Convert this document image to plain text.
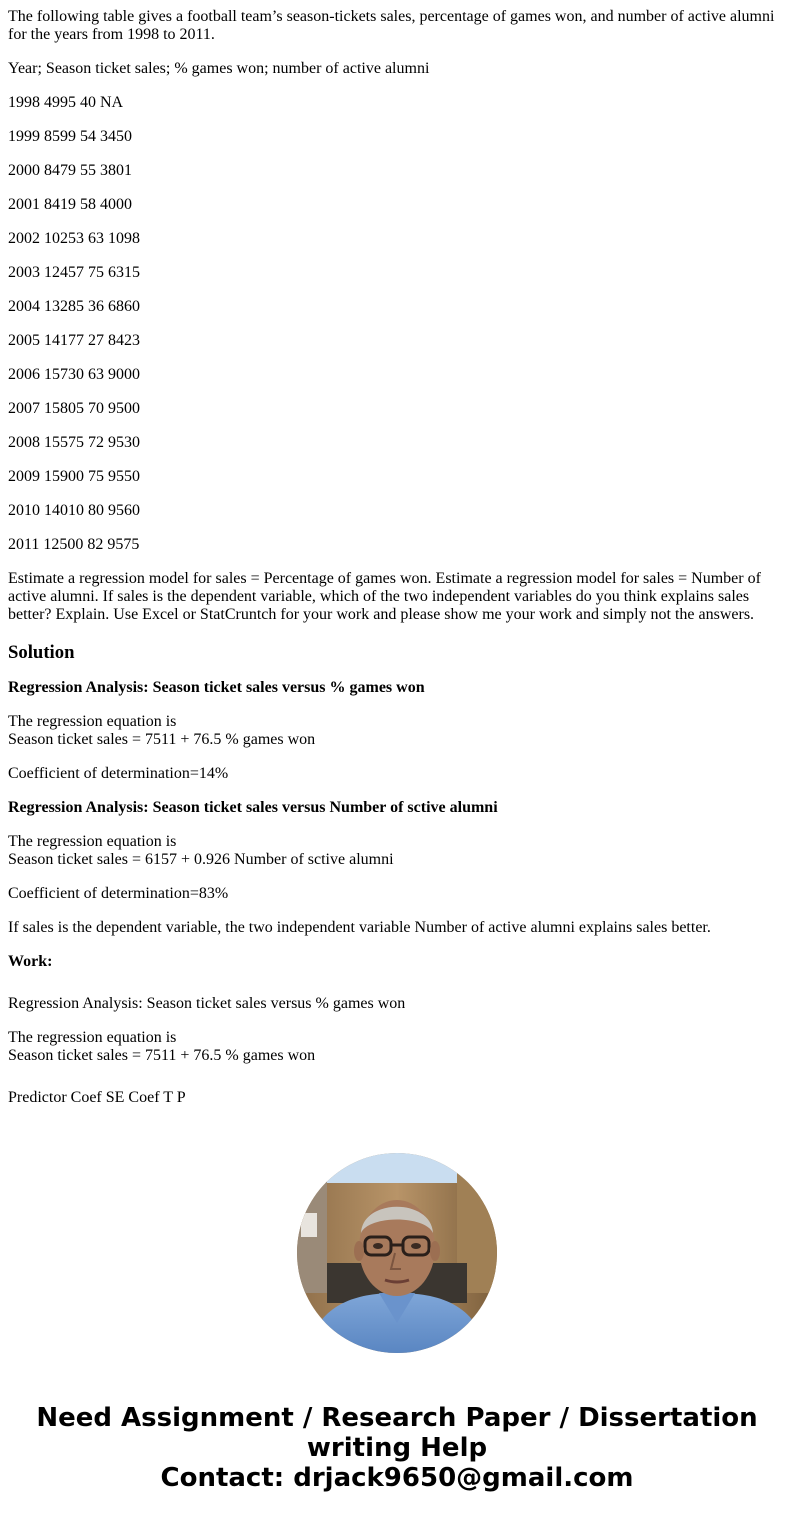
The following table gives a football team’s season-tickets sales, percentage of games won, and number of active alumni for the years from 1998 to 2011.

Year; Season ticket sales; % games won; number of active alumni

1998 4995 40 NA

1999 8599 54 3450

2000 8479 55 3801

2001 8419 58 4000

2002 10253 63 1098

2003 12457 75 6315

2004 13285 36 6860

2005 14177 27 8423

2006 15730 63 9000

2007 15805 70 9500

2008 15575 72 9530

2009 15900 75 9550

2010 14010 80 9560

2011 12500 82 9575

Estimate a regression model for sales = Percentage of games won. Estimate a regression model for sales = Number of active alumni. If sales is the dependent variable, which of the two independent variables do you think explains sales better? Explain. Use Excel or StatCruntch for your work and please show me your work and simply not the answers.

Solution

Regression Analysis: Season ticket sales versus % games won

The regression equation is
Season ticket sales = 7511 + 76.5 % games won

Coefficient of determination=14%

Regression Analysis: Season ticket sales versus Number of sctive alumni

The regression equation is
Season ticket sales = 6157 + 0.926 Number of sctive alumni

Coefficient of determination=83%

If sales is the dependent variable, the two independent variable Number of active alumni explains sales better.

Work:

Regression Analysis: Season ticket sales versus % games won

The regression equation is
Season ticket sales = 7511 + 76.5 % games won

Predictor Coef SE Coef T P

Need Assignment / Research Paper / Dissertation
writing Help
Contact: drjack9650@gmail.com
